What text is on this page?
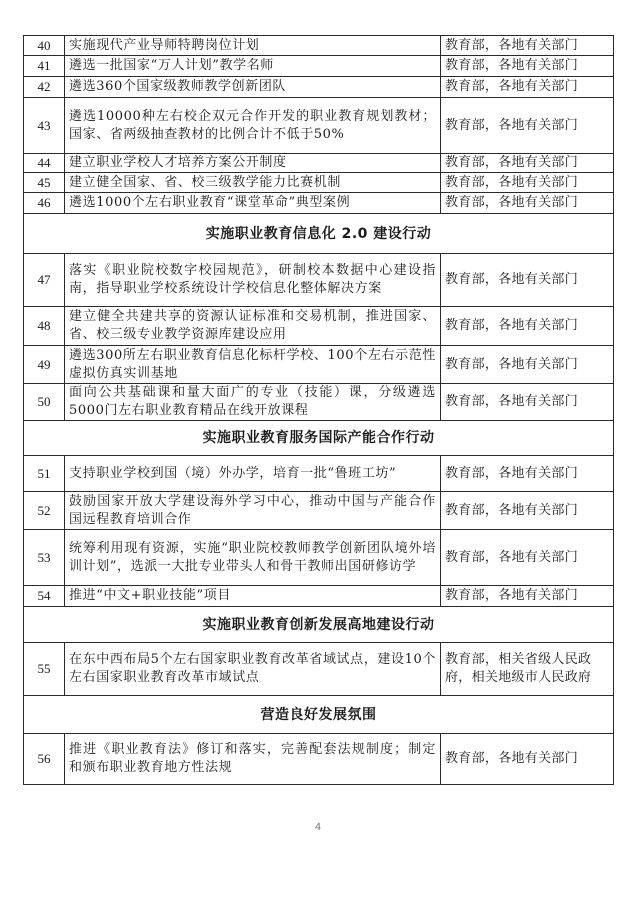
40	实施现代产业导师特聘岗位计划	教育部，各地有关部门
41	遴选一批国家“万人计划”教学名师	教育部，各地有关部门
42	遴选360个国家级教师教学创新团队	教育部，各地有关部门
43	遴选10000种左右校企双元合作开发的职业教育规划教材；国家、省两级抽查教材的比例合计不低于50%	教育部，各地有关部门
44	建立职业学校人才培养方案公开制度	教育部，各地有关部门
45	建立健全国家、省、校三级教学能力比赛机制	教育部，各地有关部门
46	遴选1000个左右职业教育“课堂革命”典型案例	教育部，各地有关部门
实施职业教育信息化 2.0 建设行动		
47	落实《职业院校数字校园规范》，研制校本数据中心建设指南，指导职业学校系统设计学校信息化整体解决方案	教育部，各地有关部门
48	建立健全共建共享的资源认证标准和交易机制，推进国家、省、校三级专业教学资源库建设应用	教育部，各地有关部门
49	遴选300所左右职业教育信息化标杆学校、100个左右示范性虚拟仿真实训基地	教育部，各地有关部门
50	面向公共基础课和量大面广的专业（技能）课，分级遴选5000门左右职业教育精品在线开放课程	教育部，各地有关部门
实施职业教育服务国际产能合作行动		
51	支持职业学校到国（境）外办学，培育一批“鲁班工坊”	教育部，各地有关部门
52	鼓励国家开放大学建设海外学习中心，推动中国与产能合作国远程教育培训合作	教育部，各地有关部门
53	统筹利用现有资源，实施“职业院校教师教学创新团队境外培训计划”，选派一大批专业带头人和骨干教师出国研修访学	教育部，各地有关部门
54	推进“中文+职业技能”项目	教育部，各地有关部门
实施职业教育创新发展高地建设行动		
55	在东中西布局5个左右国家职业教育改革省域试点，建设10个左右国家职业教育改革市域试点	教育部，相关省级人民政府，相关地级市人民政府
营造良好发展氛围		
56	推进《职业教育法》修订和落实，完善配套法规制度；制定和颁布职业教育地方性法规	教育部，各地有关部门
4
